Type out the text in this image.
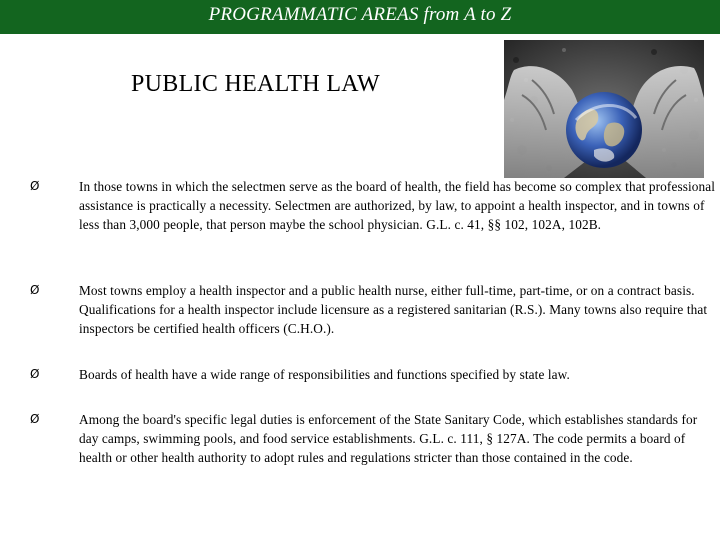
PROGRAMMATIC AREAS from A to Z
PUBLIC HEALTH LAW
Ø	In those towns in which the selectmen serve as the board of health, the field has become so complex that professional assistance is practically a necessity. Selectmen are authorized, by law, to appoint a health inspector, and in towns of less than 3,000 people, that person maybe the school physician. G.L. c. 41, §§ 102, 102A, 102B.
Ø	Most towns employ a health inspector and a public health nurse, either full-time, part-time, or on a contract basis. Qualifications for a health inspector include licensure as a registered sanitarian (R.S.). Many towns also require that inspectors be certified health officers (C.H.O.).
Ø	Boards of health have a wide range of responsibilities and functions specified by state law.
Ø	Among the board's specific legal duties is enforcement of the State Sanitary Code, which establishes standards for day camps, swimming pools, and food service establishments. G.L. c. 111, § 127A. The code permits a board of health or other health authority to adopt rules and regulations stricter than those contained in the code.
